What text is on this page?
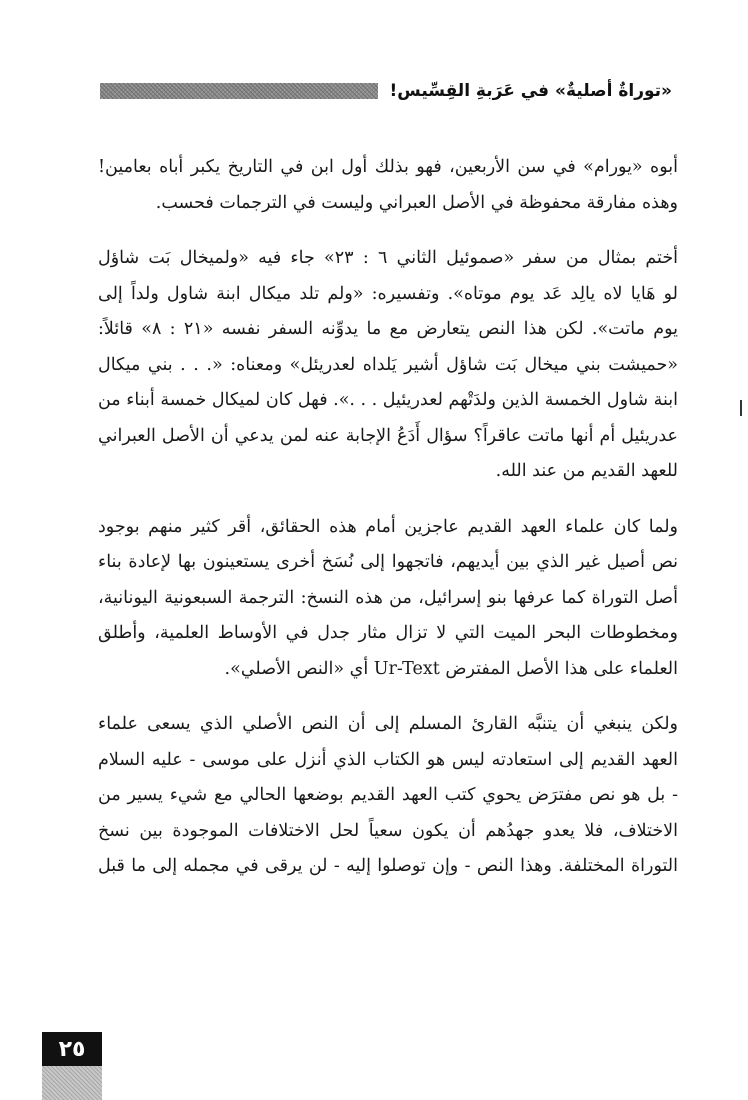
«توراةٌ أصليةٌ» في عَرَبةِ القِسِّيس!
أبوه «يورام» في سن الأربعين، فهو بذلك أول ابن في التاريخ يكبر أباه بعامين!
وهذه مفارقة محفوظة في الأصل العبراني وليست في الترجمات فحسب.
أختم بمثال من سفر «صموئيل الثاني ٦ : ٢٣» جاء فيه «ولميخال بَت شاؤل
لو هَايا لاه يالِد عَد يوم موتاه». وتفسيره: «ولم تلد ميكال ابنة شاول ولداً إلى
يوم ماتت». لكن هذا النص يتعارض مع ما يدوِّنه السفر نفسه «٢١ : ٨» قائلاً:
«حميشت بني ميخال بَت شاؤل أشير يَلداه لعدريئل» ومعناه: «. . . بني ميكال
ابنة شاول الخمسة الذين ولدَتْهم لعدريئيل . . .». فهل كان لميكال خمسة أبناء من
عدريئيل أم أنها ماتت عاقراً؟ سؤال أَدَعُ الإجابة عنه لمن يدعي أن الأصل العبراني
للعهد القديم من عند الله.
ولما كان علماء العهد القديم عاجزين أمام هذه الحقائق، أقر كثير منهم بوجود
نص أصيل غير الذي بين أيديهم، فاتجهوا إلى نُسَخ أخرى يستعينون بها لإعادة بناء
أصل التوراة كما عرفها بنو إسرائيل، من هذه النسخ: الترجمة السبعونية اليونانية،
ومخطوطات البحر الميت التي لا تزال مثار جدل في الأوساط العلمية، وأطلق
العلماء على هذا الأصل المفترض Ur-Text أي «النص الأصلي».
ولكن ينبغي أن يتنبَّه القارئ المسلم إلى أن النص الأصلي الذي يسعى علماء
العهد القديم إلى استعادته ليس هو الكتاب الذي أنزل على موسى - عليه السلام
- بل هو نص مفترَض يحوي كتب العهد القديم بوضعها الحالي مع شيء يسير من
الاختلاف، فلا يعدو جهدُهم أن يكون سعياً لحل الاختلافات الموجودة بين نسخ
التوراة المختلفة. وهذا النص - وإن توصلوا إليه - لن يرقى في مجمله إلى ما قبل
٢٥
